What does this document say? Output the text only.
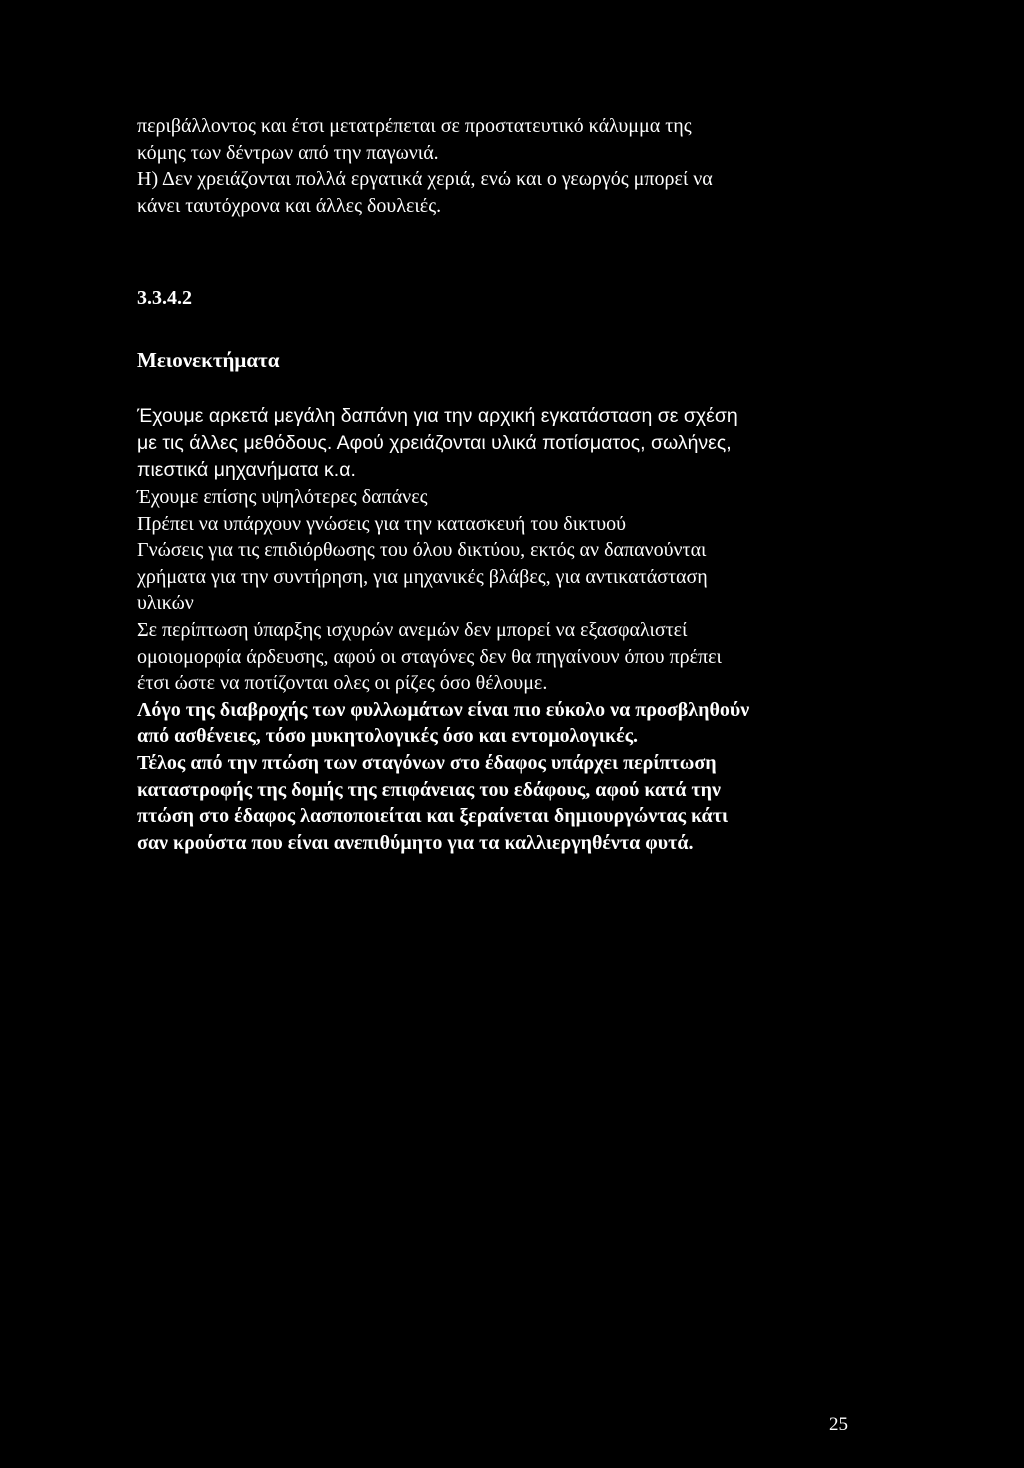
περιβάλλοντος και έτσι μετατρέπεται σε προστατευτικό κάλυμμα της
κόμης των δέντρων από την παγωνιά.
Η) Δεν χρειάζονται πολλά εργατικά χεριά, ενώ και ο γεωργός μπορεί να
κάνει ταυτόχρονα και άλλες δουλειές.
3.3.4.2
Μειονεκτήματα
Έχουμε αρκετά μεγάλη δαπάνη για την αρχική εγκατάσταση σε σχέση
με τις άλλες μεθόδους. Αφού χρειάζονται υλικά ποτίσματος, σωλήνες,
πιεστικά μηχανήματα κ.α.
Έχουμε επίσης υψηλότερες δαπάνες
Πρέπει να υπάρχουν γνώσεις για την κατασκευή του δικτυού
Γνώσεις για τις επιδιόρθωσης του όλου δικτύου, εκτός αν δαπανούνται
χρήματα για την συντήρηση, για μηχανικές βλάβες, για αντικατάσταση
υλικών
Σε περίπτωση ύπαρξης ισχυρών ανεμών δεν μπορεί να εξασφαλιστεί
ομοιομορφία άρδευσης, αφού οι σταγόνες δεν θα πηγαίνουν όπου πρέπει
έτσι ώστε να ποτίζονται ολες οι ρίζες όσο θέλουμε.
Λόγο της διαβροχής των φυλλωμάτων είναι πιο εύκολο να προσβληθούν
από ασθένειες, τόσο μυκητολογικές όσο και εντομολογικές.
Τέλος από την πτώση των σταγόνων στο έδαφος υπάρχει περίπτωση
καταστροφής της δομής της επιφάνειας του εδάφους, αφού κατά την
πτώση στο έδαφος λασποποιείται και ξεραίνεται δημιουργώντας κάτι
σαν κρούστα που είναι ανεπιθύμητο για τα καλλιεργηθέντα φυτά.
25
